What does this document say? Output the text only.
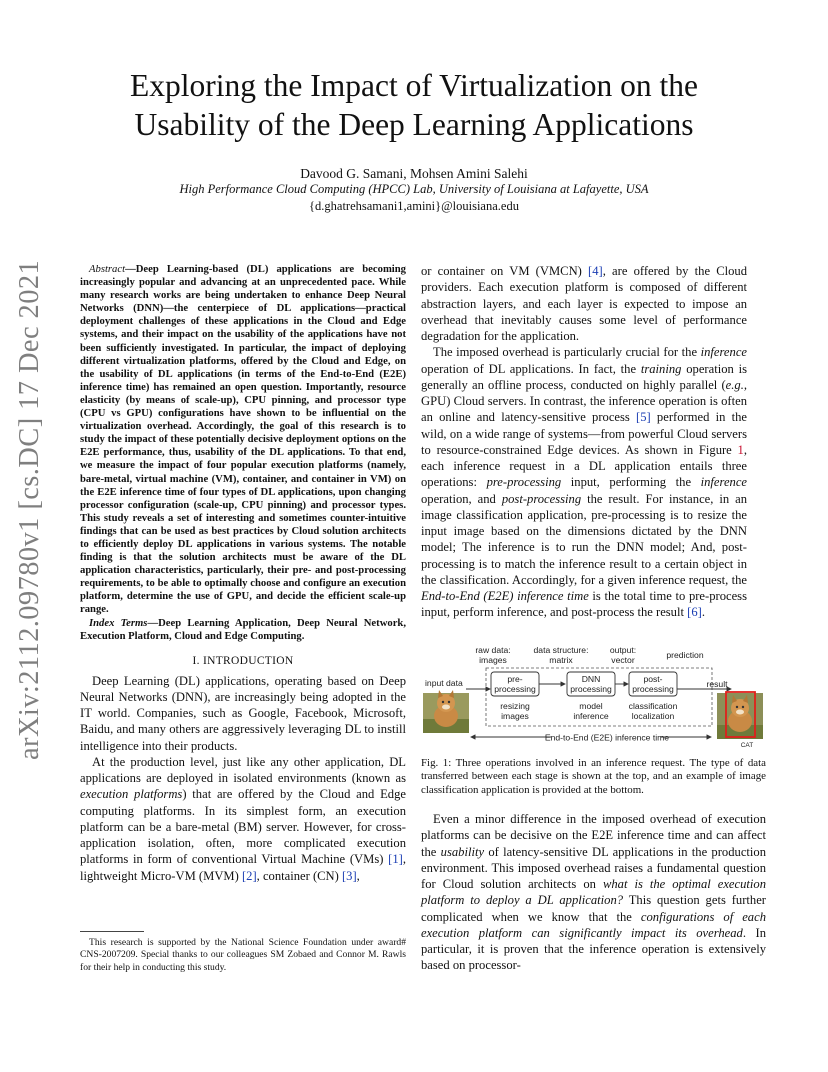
arXiv:2112.09780v1 [cs.DC] 17 Dec 2021
Exploring the Impact of Virtualization on the
Usability of the Deep Learning Applications
Davood G. Samani, Mohsen Amini Salehi
High Performance Cloud Computing (HPCC) Lab, University of Louisiana at Lafayette, USA
{d.ghatrehsamani1,amini}@louisiana.edu

Abstract—Deep Learning-based (DL) applications are becoming increasingly popular and advancing at an unprecedented pace. While many research works are being undertaken to enhance Deep Neural Networks (DNN)—the centerpiece of DL applications—practical deployment challenges of these applications in the Cloud and Edge systems, and their impact on the usability of the applications have not been sufficiently investigated. In particular, the impact of deploying different virtualization platforms, offered by the Cloud and Edge, on the usability of DL applications (in terms of the End-to-End (E2E) inference time) has remained an open question. Importantly, resource elasticity (by means of scale-up), CPU pinning, and processor type (CPU vs GPU) configurations have shown to be influential on the virtualization overhead. Accordingly, the goal of this research is to study the impact of these potentially decisive deployment options on the E2E performance, thus, usability of the DL applications. To that end, we measure the impact of four popular execution platforms (namely, bare-metal, virtual machine (VM), container, and container in VM) on the E2E inference time of four types of DL applications, upon changing processor configuration (scale-up, CPU pinning) and processor types. This study reveals a set of interesting and sometimes counter-intuitive findings that can be used as best practices by Cloud solution architects to efficiently deploy DL applications in various systems. The notable finding is that the solution architects must be aware of the DL application characteristics, particularly, their pre- and post-processing requirements, to be able to optimally choose and configure an execution platform, determine the use of GPU, and decide the efficient scale-up range.

Index Terms—Deep Learning Application, Deep Neural Network, Execution Platform, Cloud and Edge Computing.

I. INTRODUCTION

Deep Learning (DL) applications, operating based on Deep Neural Networks (DNN), are increasingly being adopted in the IT world. Companies, such as Google, Facebook, Microsoft, Baidu, and many others are aggressively leveraging DL to instill intelligence into their products.

At the production level, just like any other application, DL applications are deployed in isolated environments (known as execution platforms) that are offered by the Cloud and Edge computing platforms. In its simplest form, an execution platform can be a bare-metal (BM) server. However, for cross-application isolation, often, more complicated execution platforms in form of conventional Virtual Machine (VMs) [1], lightweight Micro-VM (MVM) [2], container (CN) [3],

This research is supported by the National Science Foundation under award# CNS-2007209. Special thanks to our colleagues SM Zobaed and Connor M. Rawls for their help in conducting this study.

or container on VM (VMCN) [4], are offered by the Cloud providers. Each execution platform is composed of different abstraction layers, and each layer is expected to impose an overhead that inevitably causes some level of performance degradation for the application.

The imposed overhead is particularly crucial for the inference operation of DL applications. In fact, the training operation is generally an offline process, conducted on highly parallel (e.g., GPU) Cloud servers. In contrast, the inference operation is often an online and latency-sensitive process [5] performed in the wild, on a wide range of systems—from powerful Cloud servers to resource-constrained Edge devices. As shown in Figure 1, each inference request in a DL application entails three operations: pre-processing input, performing the inference operation, and post-processing the result. For instance, in an image classification application, pre-processing is to resize the input image based on the dimensions dictated by the DNN model; The inference is to run the DNN model; And, post-processing is to match the inference result to a certain object in the classification. Accordingly, for a given inference request, the End-to-End (E2E) inference time is the total time to pre-process input, perform inference, and post-process the result [6].

raw data:
images
data structure:
matrix
output:
vector	prediction
input data	pre-
processing
DNN
processing
post-
processing	result
resizing
images
model
inference
classification
localization
CAT
End-to-End (E2E) inference time
Fig. 1: Three operations involved in an inference request. The type of data transferred between each stage is shown at the top, and an example of image classification application is provided at the bottom.

Even a minor difference in the imposed overhead of execution platforms can be decisive on the E2E inference time and can affect the usability of latency-sensitive DL applications in the production environment. This imposed overhead raises a fundamental question for Cloud solution architects on what is the optimal execution platform to deploy a DL application? This question gets further complicated when we know that the configurations of each execution platform can significantly impact its overhead. In particular, it is proven that the inference operation is extensively based on processor-
